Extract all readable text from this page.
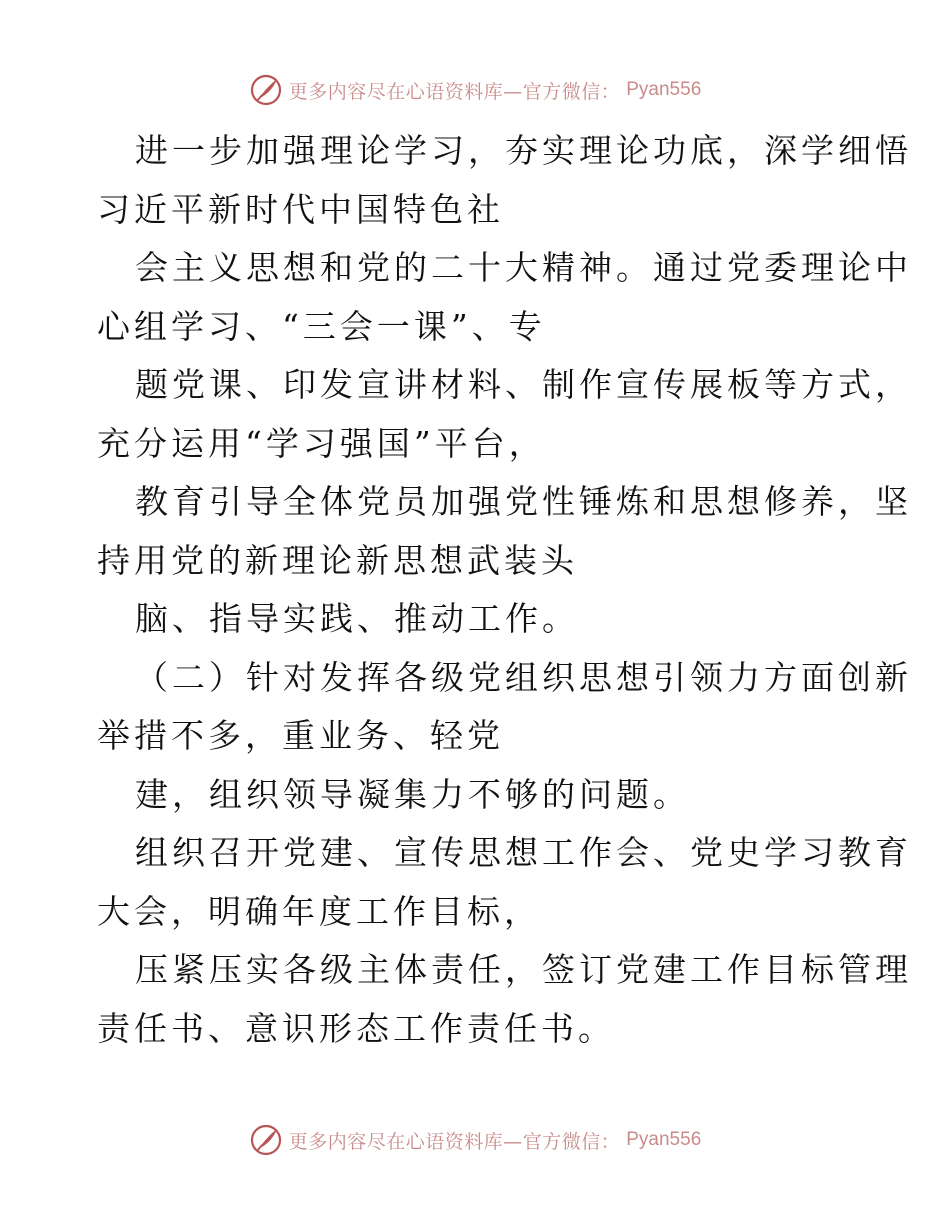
更多内容尽在心语资料库—官方微信： Pyan556
进一步加强理论学习，夯实理论功底，深学细悟
习近平新时代中国特色社
会主义思想和党的二十大精神。通过党委理论中
心组学习、“三会一课”、专
题党课、印发宣讲材料、制作宣传展板等方式，
充分运用“学习强国”平台，
教育引导全体党员加强党性锤炼和思想修养，坚
持用党的新理论新思想武装头
脑、指导实践、推动工作。
（二）针对发挥各级党组织思想引领力方面创新
举措不多，重业务、轻党
建，组织领导凝集力不够的问题。
组织召开党建、宣传思想工作会、党史学习教育
大会，明确年度工作目标，
压紧压实各级主体责任，签订党建工作目标管理
责任书、意识形态工作责任书。
更多内容尽在心语资料库—官方微信： Pyan556
